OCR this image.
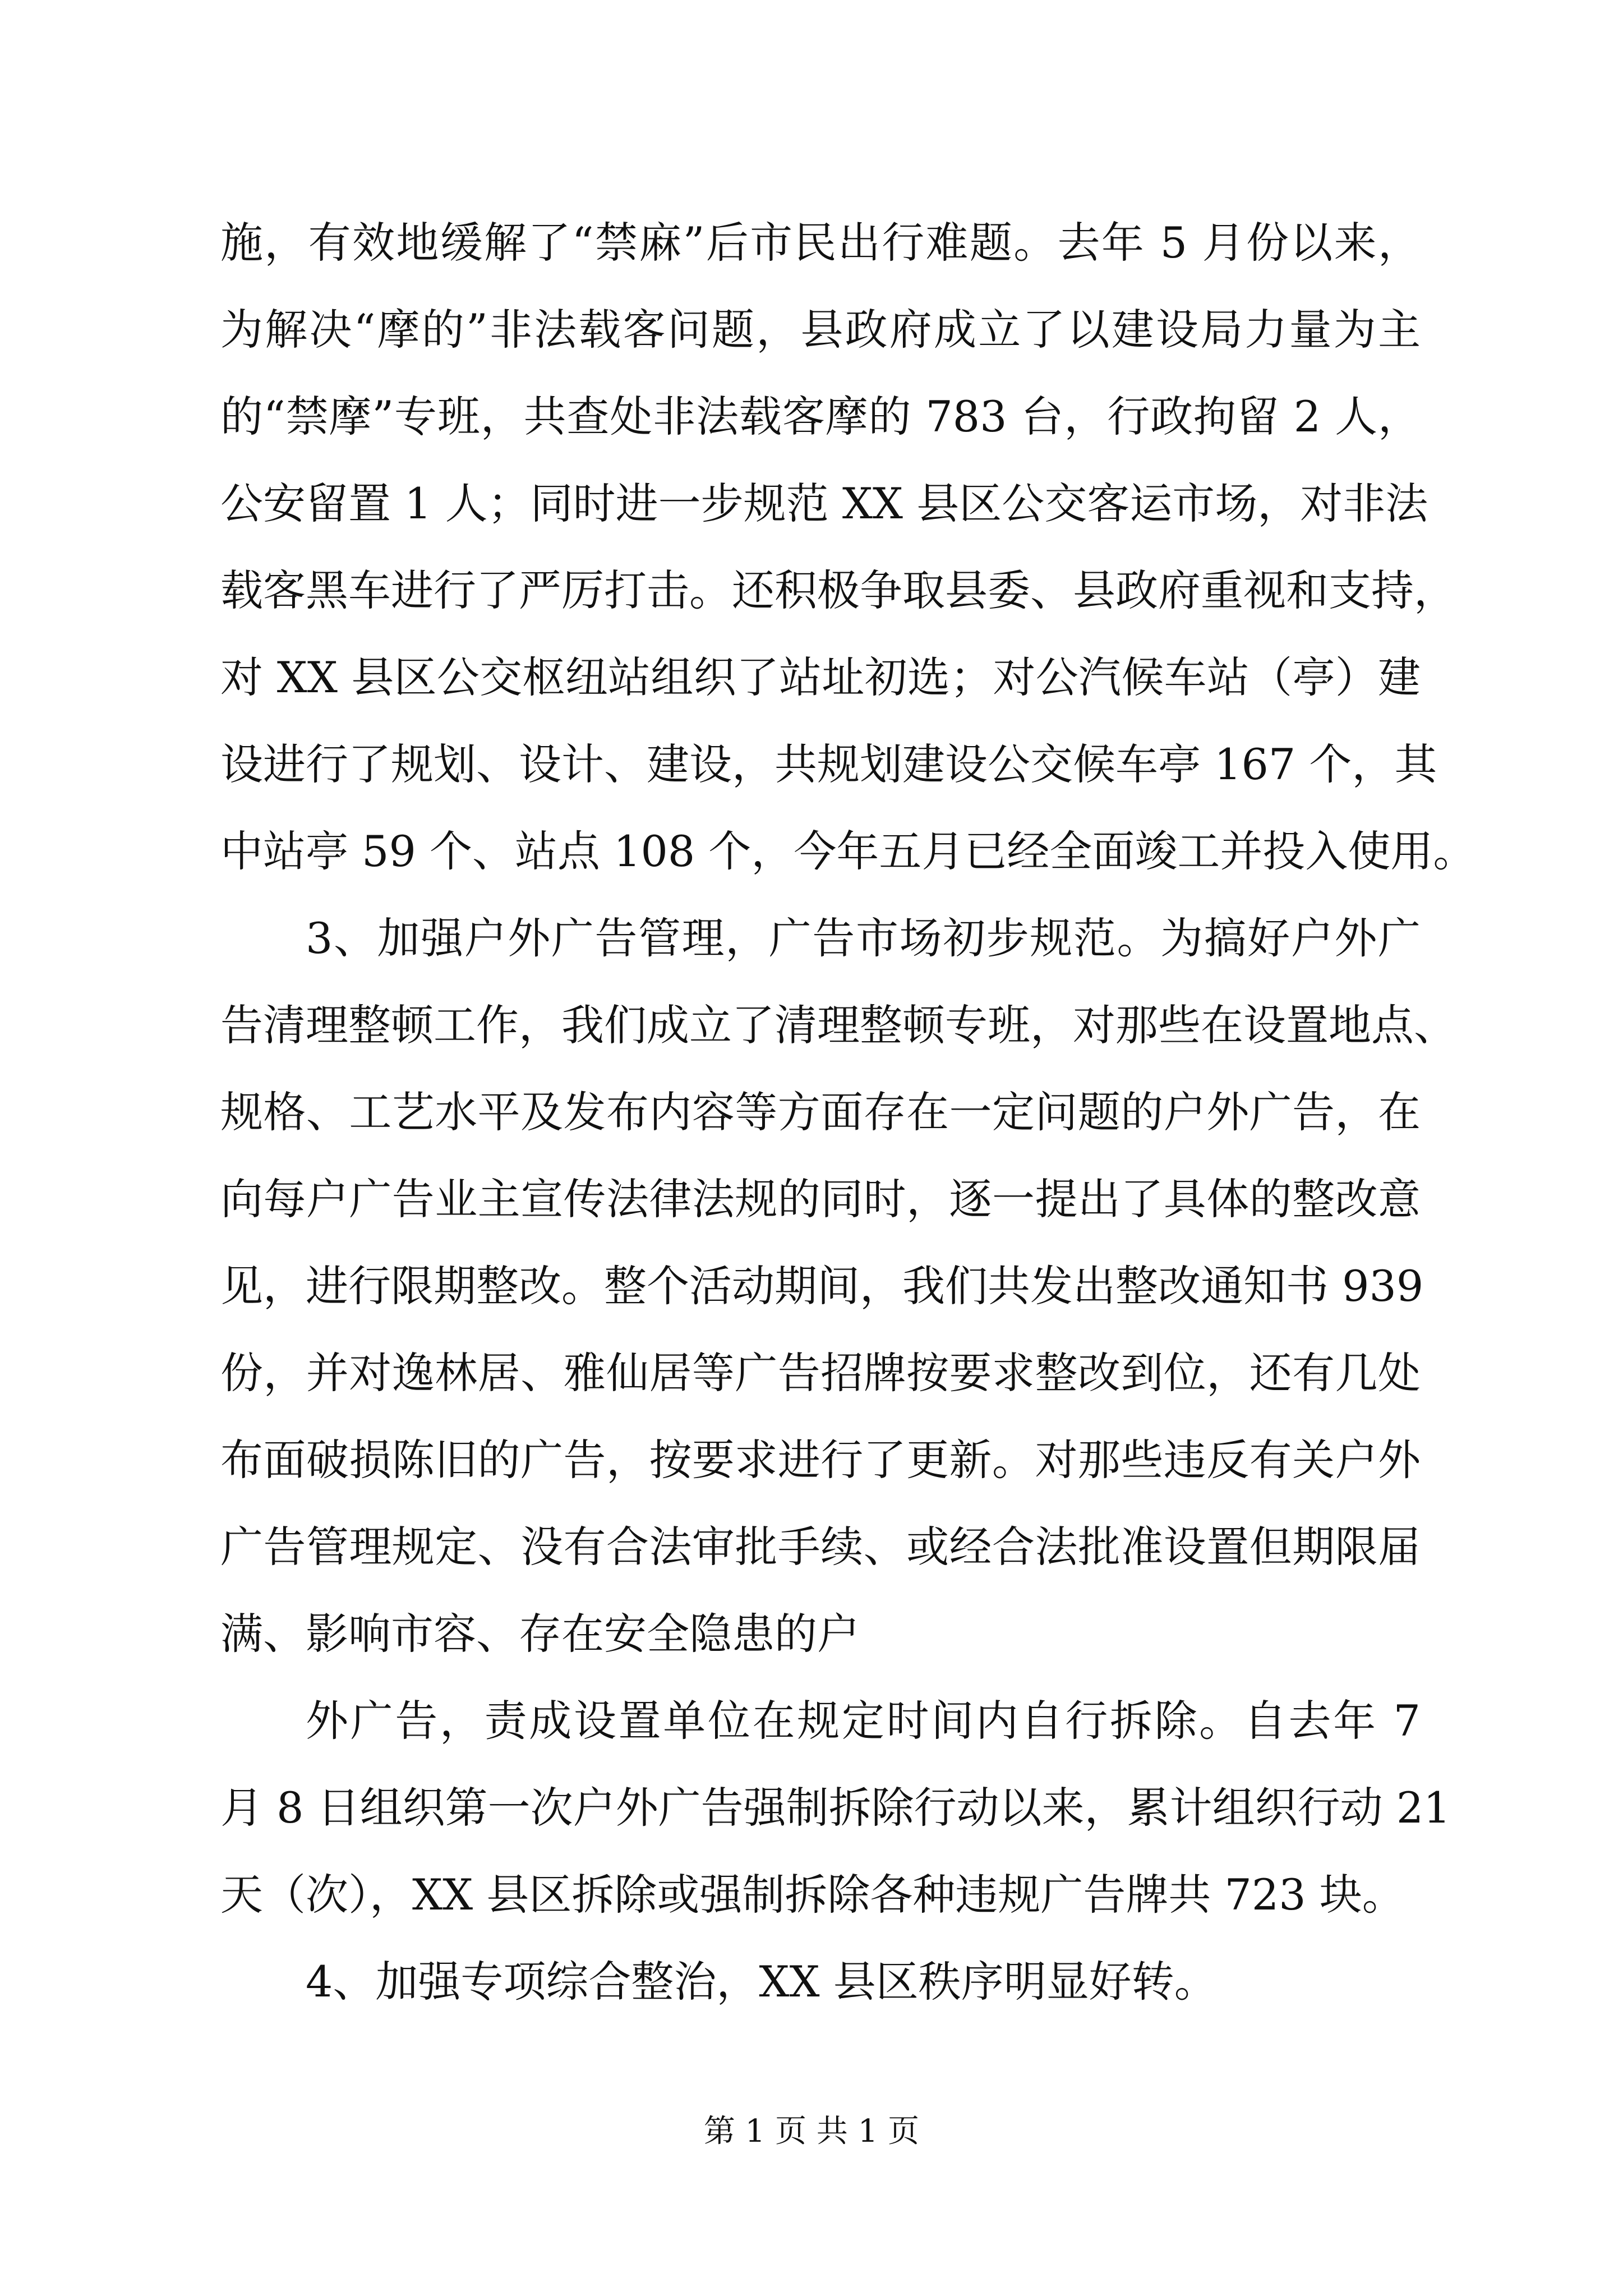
施，有效地缓解了“禁麻”后市民出行难题。去年 5 月份以来，
为解决“摩的”非法载客问题，县政府成立了以建设局力量为主
的“禁摩”专班，共查处非法载客摩的 783 台，行政拘留 2 人，
公安留置 1 人；同时进一步规范 XX 县区公交客运市场，对非法
载客黑车进行了严厉打击。还积极争取县委、县政府重视和支持，
对 XX 县区公交枢纽站组织了站址初选；对公汽候车站（亭）建
设进行了规划、设计、建设，共规划建设公交候车亭 167 个，其
中站亭 59 个、站点 108 个，今年五月已经全面竣工并投入使用。
3、加强户外广告管理，广告市场初步规范。为搞好户外广
告清理整顿工作，我们成立了清理整顿专班，对那些在设置地点、
规格、工艺水平及发布内容等方面存在一定问题的户外广告，在
向每户广告业主宣传法律法规的同时，逐一提出了具体的整改意
见，进行限期整改。整个活动期间，我们共发出整改通知书 939
份，并对逸林居、雅仙居等广告招牌按要求整改到位，还有几处
布面破损陈旧的广告，按要求进行了更新。对那些违反有关户外
广告管理规定、没有合法审批手续、或经合法批准设置但期限届
满、影响市容、存在安全隐患的户
外广告，责成设置单位在规定时间内自行拆除。自去年 7
月 8 日组织第一次户外广告强制拆除行动以来，累计组织行动 21
天（次），XX 县区拆除或强制拆除各种违规广告牌共 723 块。
4、加强专项综合整治，XX 县区秩序明显好转。
第 1 页 共 1 页
